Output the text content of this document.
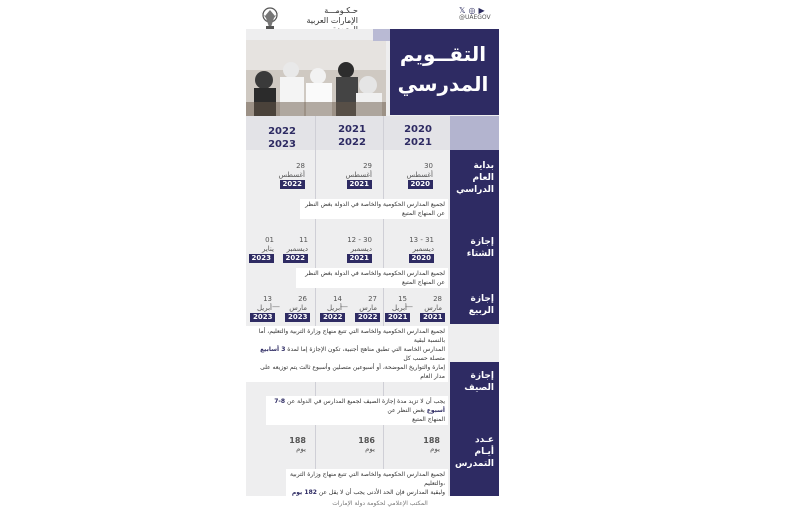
حـكـومـــة
الإمارات العربية
𝕏 ◎ ▶
@UAEGOV
التقــويم
المدرسي
2020
2021
2021
2022
2022
2023
بداية
العام
الدراسي
30
أغسطس
2020
29
أغسطس
2021
28
أغسطس
2022
لجميع المدارس الحكومية والخاصة في الدولة بغض النظر عن المنهاج المتبع
إجازة
الشتاء
13 - 31
ديسمبر
2020
12 - 30
ديسمبر
2021
11
ديسمبر
2022
01
يناير
2023
لجميع المدارس الحكومية والخاصة في الدولة بغض النظر عن المنهاج المتبع
إجازة
الربيع
28
مارس
2021
—
15
أبريل
2021
27
مارس
2022
—
14
أبريل
2022
26
مارس
2023
—
13
أبريل
2023
لجميع المدارس الحكومية والخاصة التي تتبع منهاج وزارة التربية والتعليم، أما بالنسبة لبقية
المدارس الخاصة التي تطبق مناهج أجنبية، تكون الإجازة إما لمدة 3 أسابيع متصلة حسب كل
إمارة والتواريخ الموضحة، أو أسبوعين متصلين وأسبوع ثالث يتم توزيعه على مدار العام	إجازة
الصيف
يجب أن لا تزيد مدة إجازة الصيف لجميع المدارس في الدولة عن 8-7 أسبوع بغض النظر عن
المنهاج المتبع
عـدد
أيـام
التمدرس
188
يوم
186
يوم
188
يوم
لجميع المدارس الحكومية والخاصة التي تتبع منهاج وزارة التربية والتعليم،
ولبقية المدارس فإن الحد الأدنى يجب أن لا يقل عن 182 يوم
المكتب الإعلامي لحكومة دولة الإمارات
